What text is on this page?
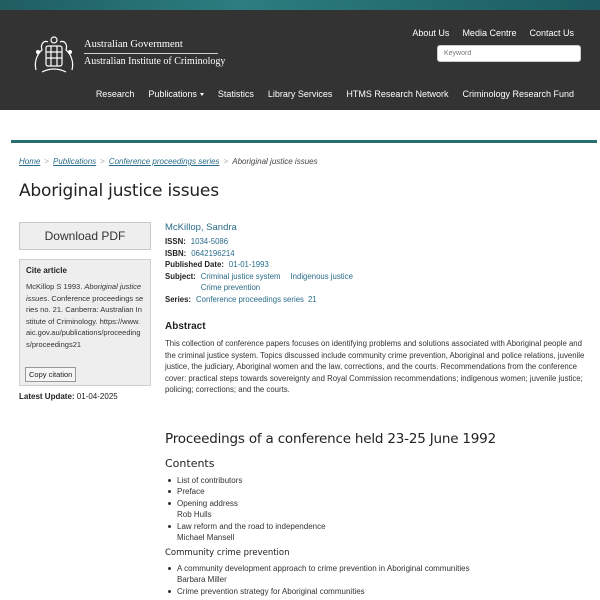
Australian Government
Australian Institute of Criminology
About Us Media Centre Contact Us
Keyword
Research Publications	Statistics Library Services HTMS Research Network Criminology Research Fund
Home > Publications > Conference proceedings series > Aboriginal justice issues
Aboriginal justice issues
Download PDF
Cite article
McKillop S 1993. Aboriginal justice issues. Conference proceedings series no. 21. Canberra: Australian Institute of Criminology. https://www.aic.gov.au/publications/proceedings/proceedings21
Copy citation
Latest Update: 01-04-2025
McKillop, Sandra
ISSN: 1034-5086
ISBN: 0642196214
Published Date: 01-01-1993
Subject: Criminal justice system Indigenous justice
Crime prevention
Series: Conference proceedings series 21
Abstract
This collection of conference papers focuses on identifying problems and solutions associated with Aboriginal people and the criminal justice system. Topics discussed include community crime prevention, Aboriginal and police relations, juvenile justice, the judiciary, Aboriginal women and the law, corrections, and the courts. Recommendations from the conference cover: practical steps towards sovereignty and Royal Commission recommendations; indigenous women; juvenile justice; policing; corrections; and the courts.
Proceedings of a conference held 23-25 June 1992
Contents
List of contributors
Preface
Opening address
Rob Hulls
Law reform and the road to independence
Michael Mansell
Community crime prevention
A community development approach to crime prevention in Aboriginal communities
Barbara Miller
Crime prevention strategy for Aboriginal communities
